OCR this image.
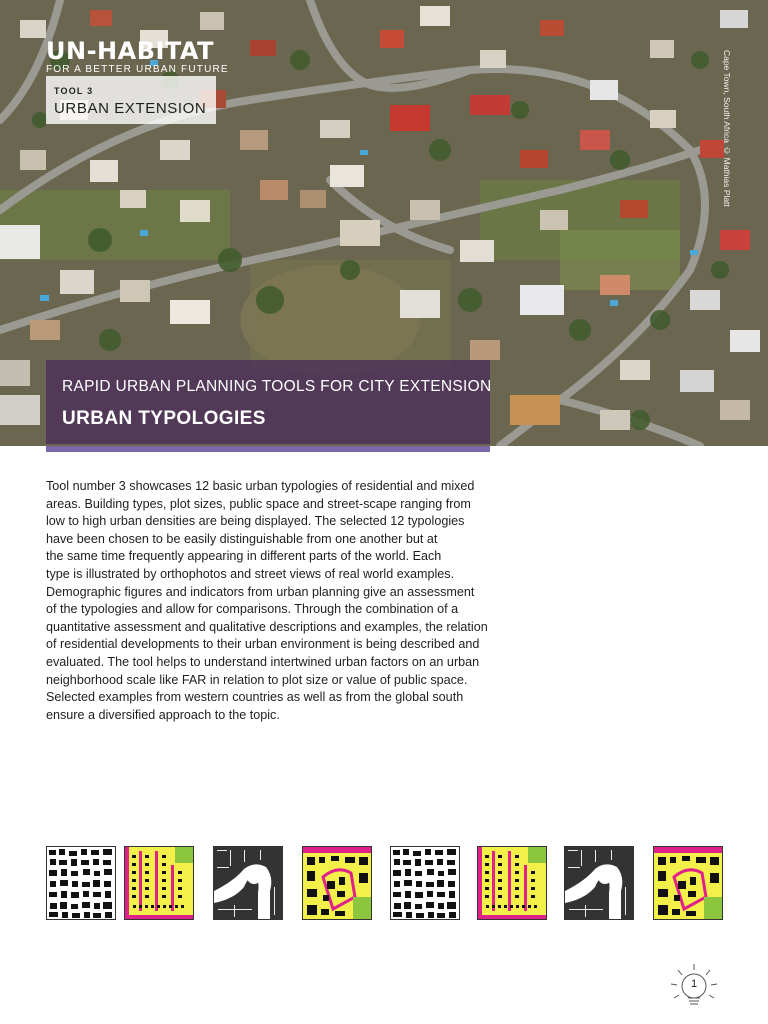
UN-HABITAT
FOR A BETTER URBAN FUTURE
TOOL 3
URBAN EXTENSION	Cape Town, South Africa © Mathias Platt
RAPID URBAN PLANNING TOOLS FOR CITY EXTENSION
URBAN TYPOLOGIES

Tool number 3 showcases 12 basic urban typologies of residential and mixed

areas. Building types, plot sizes, public space and street-scape ranging from

low to high urban densities are being displayed. The selected 12 typologies

have been chosen to be easily distinguishable from one another but at

the same time frequently appearing in different parts of the world. Each

type is illustrated by orthophotos and street views of real world examples.

Demographic figures and indicators from urban planning give an assessment

of the typologies and allow for comparisons. Through the combination of a

quantitative assessment and qualitative descriptions and examples, the relation

of residential developments to their urban environment is being described and

evaluated. The tool helps to understand intertwined urban factors on an urban

neighborhood scale like FAR in relation to plot size or value of public space.

Selected examples from western countries as well as from the global south

ensure a diversified approach to the topic.

1
